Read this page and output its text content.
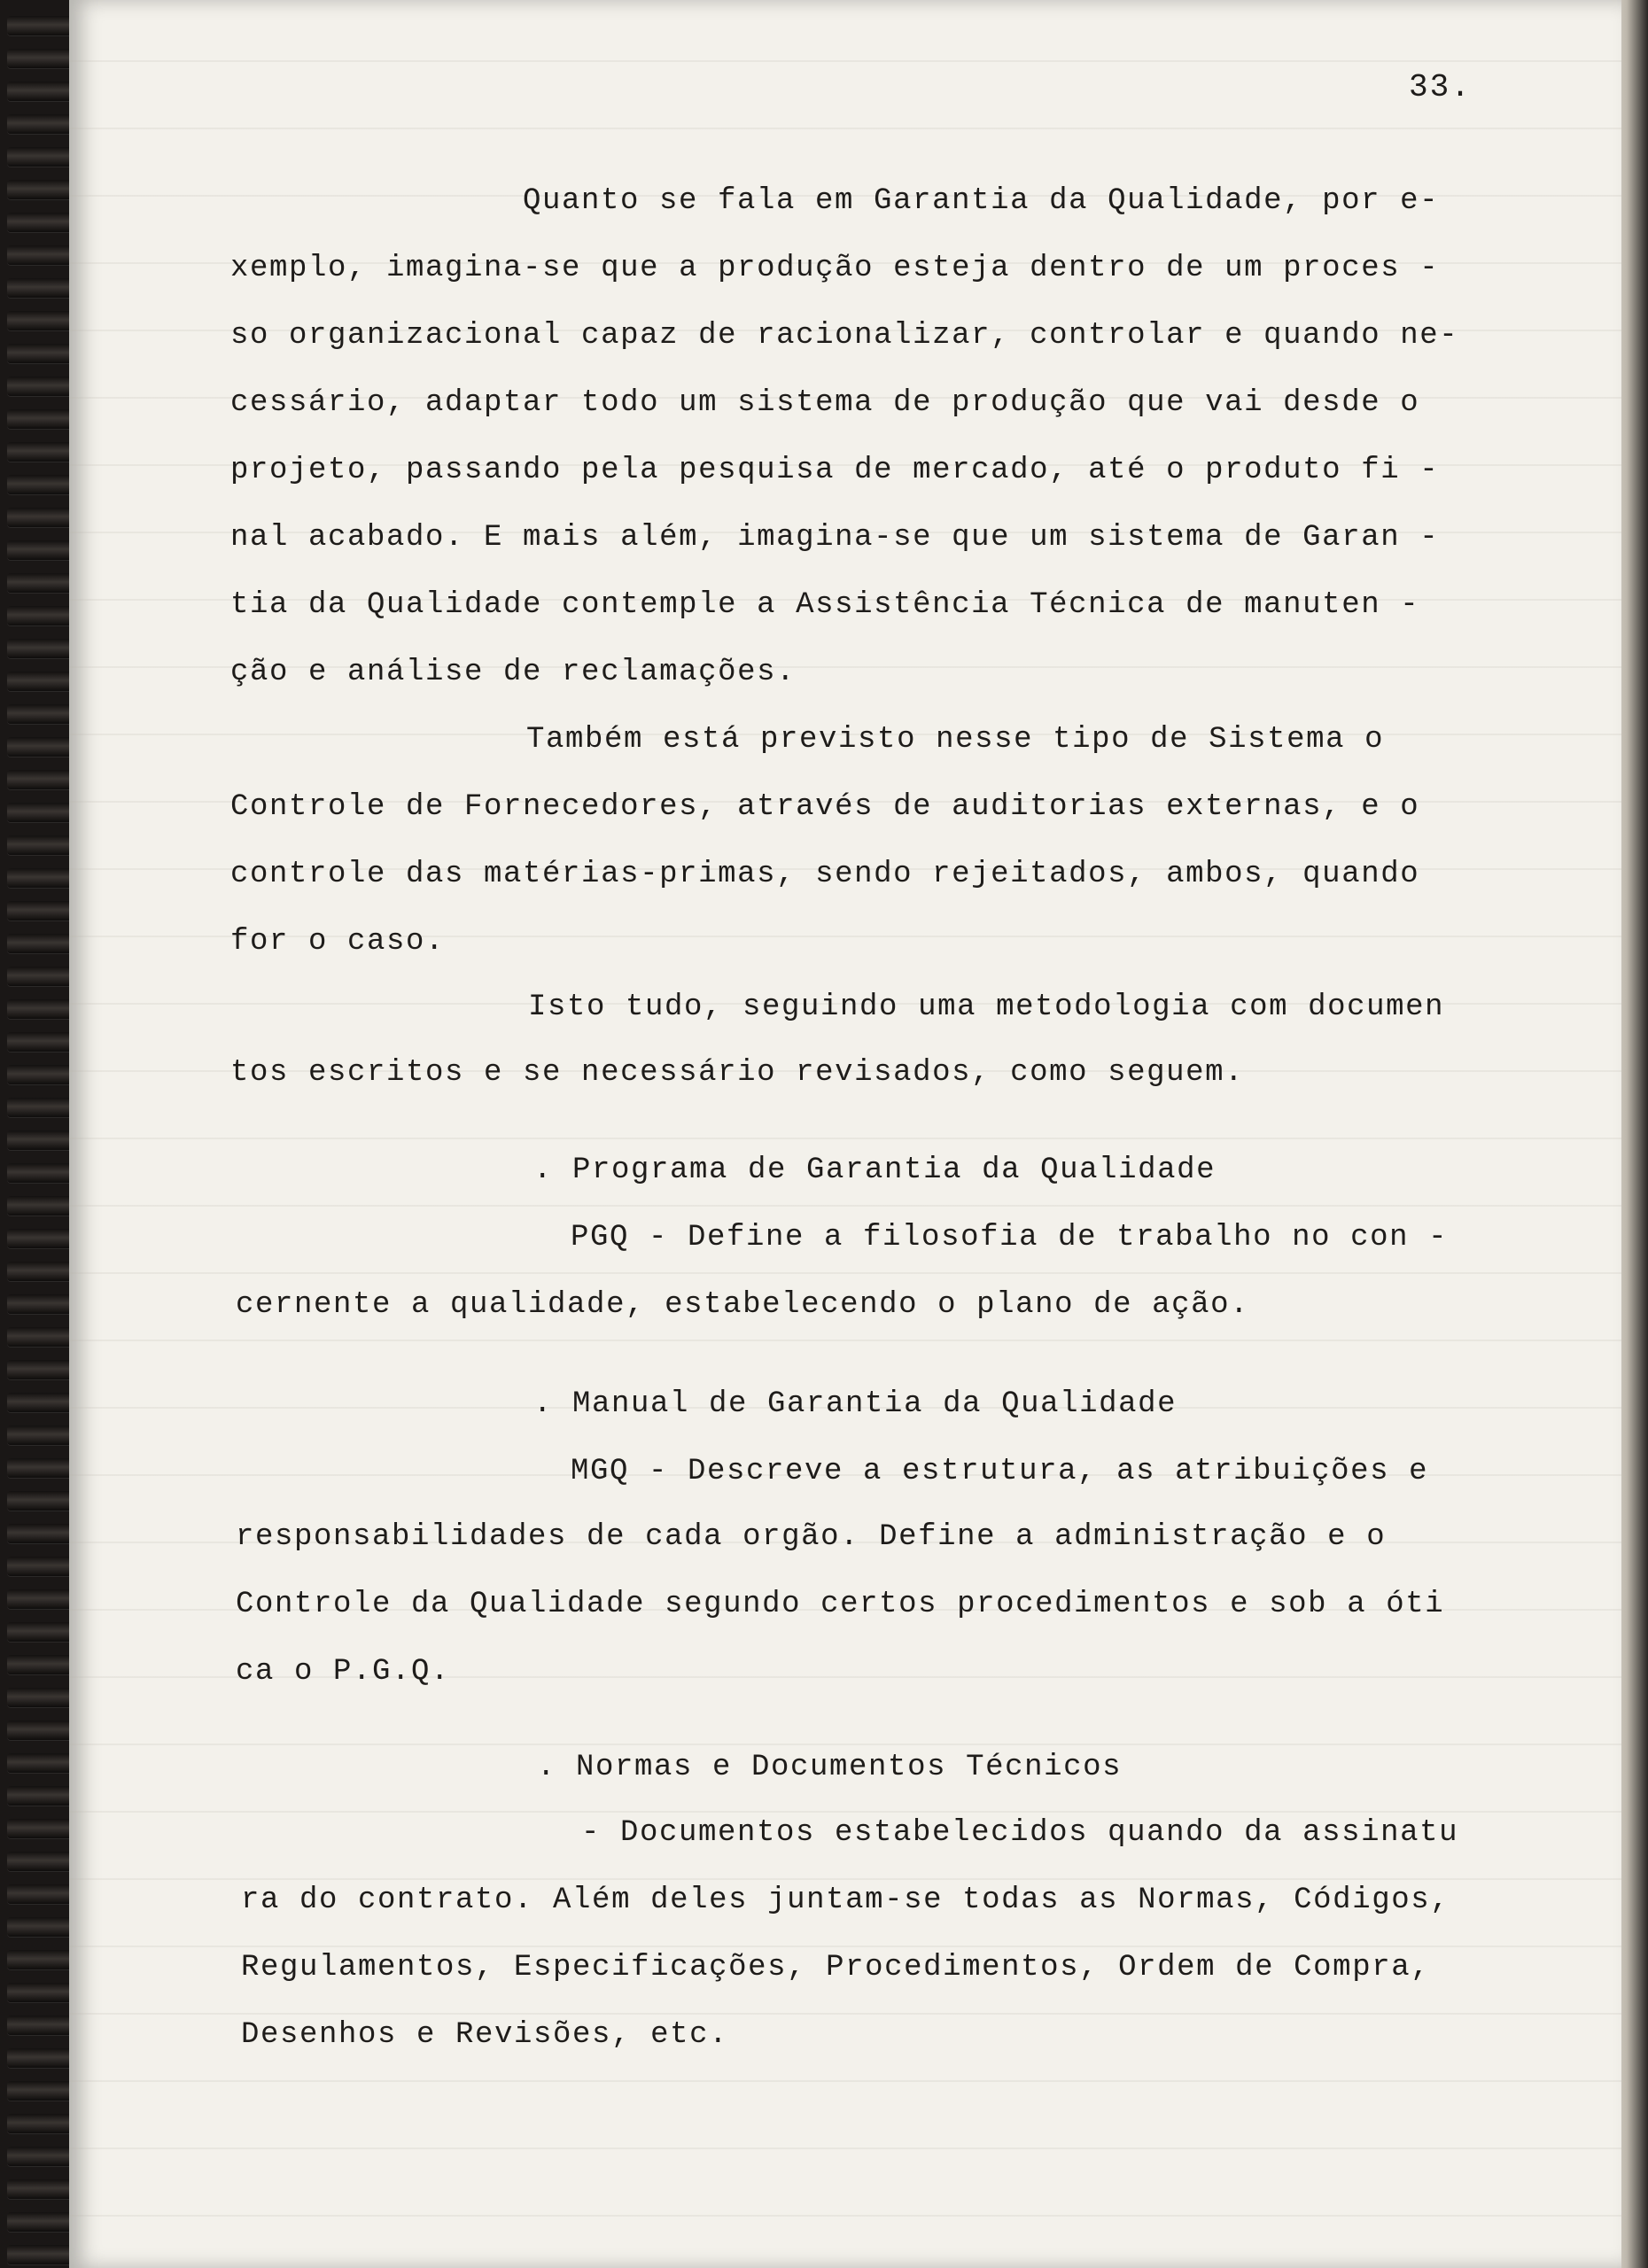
33.
Quanto se fala em Garantia da Qualidade, por e-
xemplo, imagina-se que a produção esteja dentro de um proces -
so organizacional capaz de racionalizar, controlar e quando ne-
cessário, adaptar todo um sistema de produção que vai desde o
projeto, passando pela pesquisa de mercado, até o produto fi -
nal acabado. E mais além, imagina-se que um sistema de Garan -
tia da Qualidade contemple a Assistência Técnica de manuten -
ção e análise de reclamações.
Também está previsto nesse tipo de Sistema o
Controle de Fornecedores, através de auditorias externas, e o
controle das matérias-primas, sendo rejeitados, ambos, quando
for o caso.
Isto tudo, seguindo uma metodologia com documen
tos escritos e se necessário revisados, como seguem.
. Programa de Garantia da Qualidade
PGQ - Define a filosofia de trabalho no con -
cernente a qualidade, estabelecendo o plano de ação.
. Manual de Garantia da Qualidade
MGQ - Descreve a estrutura, as atribuições e
responsabilidades de cada orgão. Define a administração e o
Controle da Qualidade segundo certos procedimentos e sob a óti
ca o P.G.Q.
. Normas e Documentos Técnicos
- Documentos estabelecidos quando da assinatu
ra do contrato. Além deles juntam-se todas as Normas, Códigos,
Regulamentos, Especificações, Procedimentos, Ordem de Compra,
Desenhos e Revisões, etc.
